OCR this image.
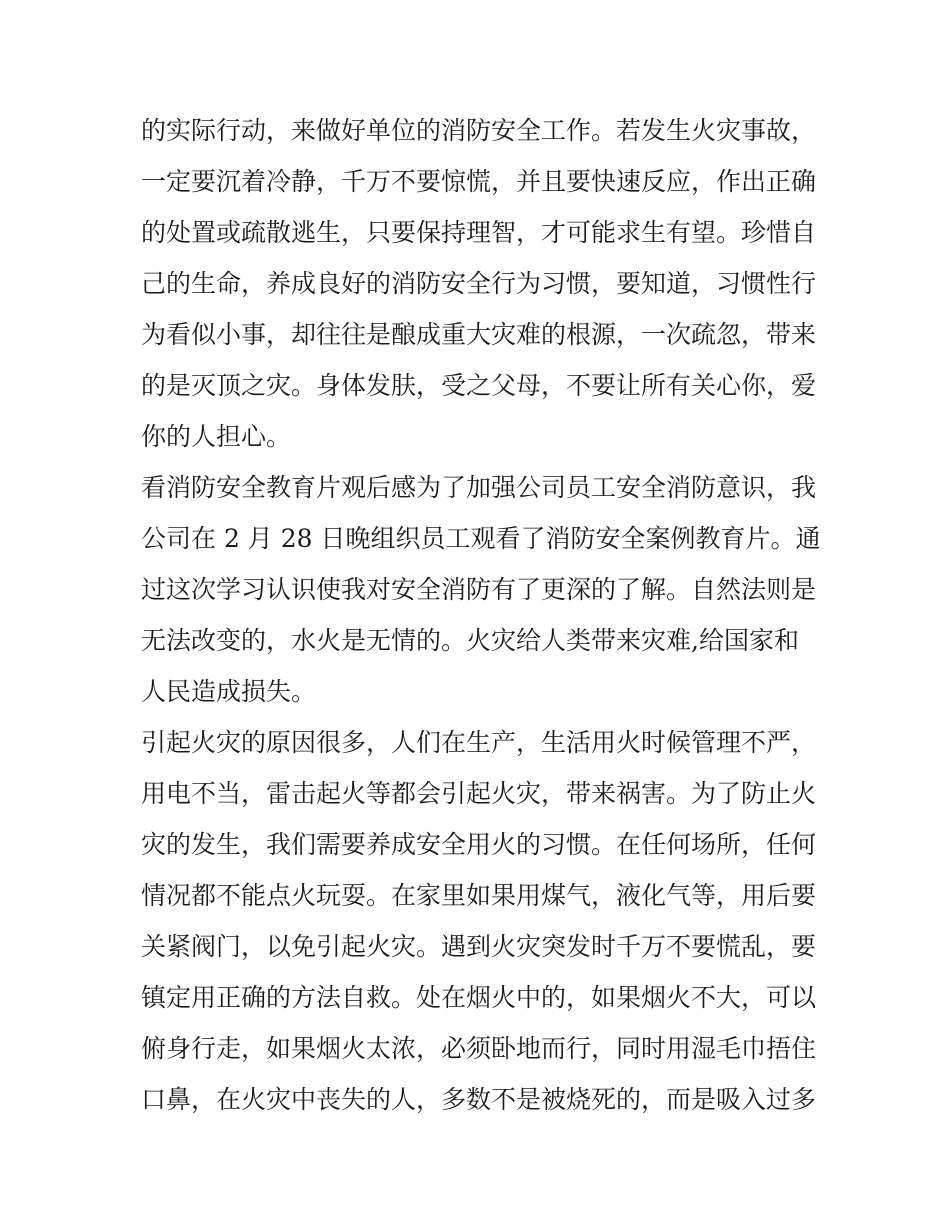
的实际行动，来做好单位的消防安全工作。若发生火灾事故，
一定要沉着冷静，千万不要惊慌，并且要快速反应，作出正确
的处置或疏散逃生，只要保持理智，才可能求生有望。珍惜自
己的生命，养成良好的消防安全行为习惯，要知道，习惯性行
为看似小事，却往往是酿成重大灾难的根源，一次疏忽，带来
的是灭顶之灾。身体发肤，受之父母，不要让所有关心你，爱
你的人担心。
看消防安全教育片观后感为了加强公司员工安全消防意识，我
公司在 2 月 28 日晚组织员工观看了消防安全案例教育片。通
过这次学习认识使我对安全消防有了更深的了解。自然法则是
无法改变的，水火是无情的。火灾给人类带来灾难,给国家和
人民造成损失。
引起火灾的原因很多，人们在生产，生活用火时候管理不严，
用电不当，雷击起火等都会引起火灾，带来祸害。为了防止火
灾的发生，我们需要养成安全用火的习惯。在任何场所，任何
情况都不能点火玩耍。在家里如果用煤气，液化气等，用后要
关紧阀门，以免引起火灾。遇到火灾突发时千万不要慌乱，要
镇定用正确的方法自救。处在烟火中的，如果烟火不大，可以
俯身行走，如果烟火太浓，必须卧地而行，同时用湿毛巾捂住
口鼻，在火灾中丧失的人，多数不是被烧死的，而是吸入过多
